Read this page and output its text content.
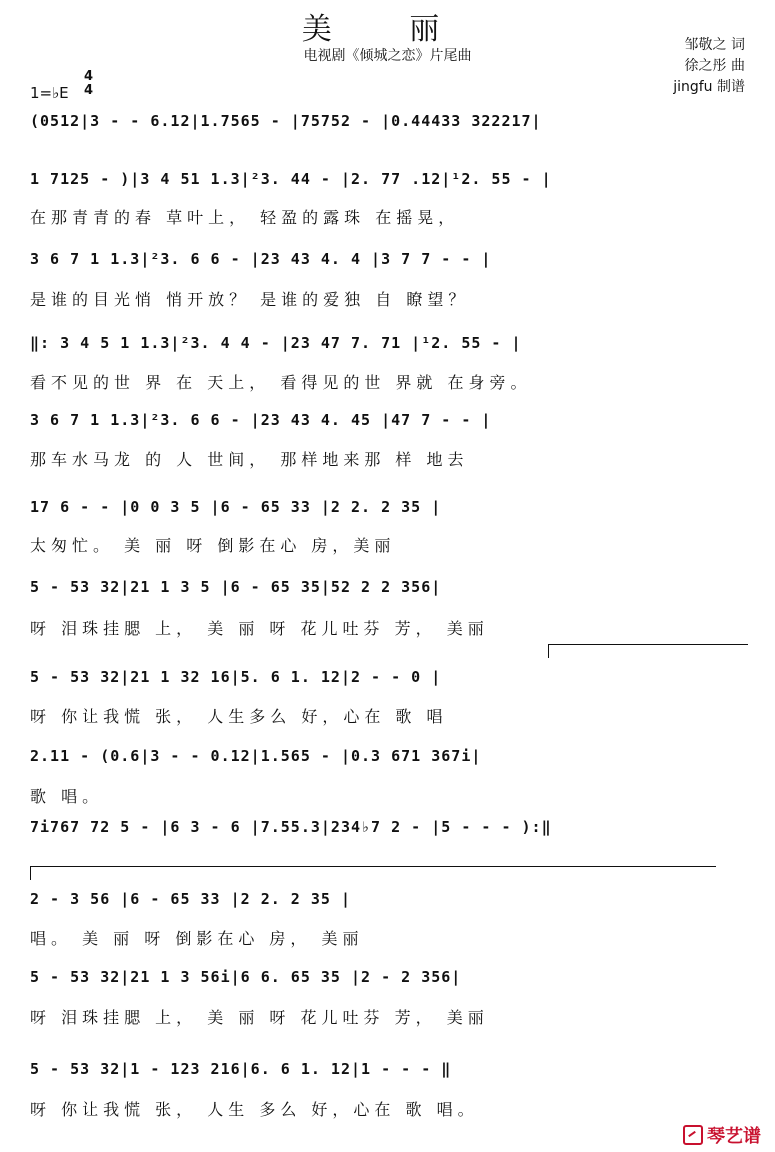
美 丽
电视剧《倾城之恋》片尾曲
邹敬之 词
徐之彤 曲
jingfu 制谱
1=♭E
4
4
(0512|3 - - 6.12|1.7565 - |75752 - |0.44433 322217|
1 7125 - )|3 4 51 1.3|²3. 44 - |2. 77 .12|¹2. 55 - |
在那青青的春 草叶上， 轻盈的露珠 在摇晃，
3 6 7 1 1.3|²3. 6 6 - |23 43 4. 4 |3 7 7 - - |
是谁的目光悄 悄开放？ 是谁的爱独 自 瞭望？
‖: 3 4 5 1 1.3|²3. 4 4 - |23 47 7. 71 |¹2. 55 - |
看不见的世 界 在 天上， 看得见的世 界就 在身旁。
3 6 7 1 1.3|²3. 6 6 - |23 43 4. 45 |47 7 - - |
那车水马龙 的 人 世间， 那样地来那 样 地去
17 6 - - |0 0 3 5 |6 - 65 33 |2 2. 2 35 |
太匆忙。 美 丽 呀 倒影在心 房，美丽
5 - 53 32|21 1 3 5 |6 - 65 35|52 2 2 356|
呀 泪珠挂腮 上， 美 丽 呀 花儿吐芬 芳， 美丽
5 - 53 32|21 1 32 16|5. 6 1. 12|2 - - 0 |
呀 你让我慌 张， 人生多么 好，心在 歌 唱
2.11 - (0.6|3 - - 0.12|1.565 - |0.3 671 367i|
歌 唱。
7i767 72 5 - |6 3 - 6 |7.55.3|234♭7 2 - |5 - - - ):‖
2 - 3 56 |6 - 65 33 |2 2. 2 35 |
唱。 美 丽 呀 倒影在心 房， 美丽
5 - 53 32|21 1 3 56i|6 6. 65 35 |2 - 2 356|
呀 泪珠挂腮 上， 美 丽 呀 花儿吐芬 芳， 美丽
5 - 53 32|1 - 123 216|6. 6 1. 12|1 - - - ‖
呀 你让我慌 张， 人生 多么 好，心在 歌 唱。
琴艺谱
